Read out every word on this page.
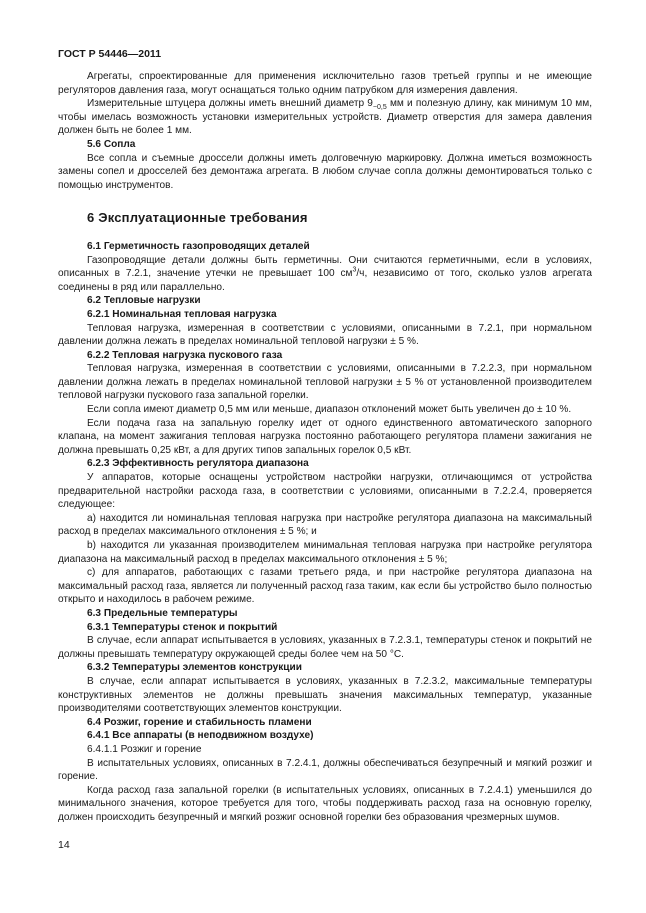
ГОСТ Р 54446—2011

Агрегаты, спроектированные для применения исключительно газов третьей группы и не имеющие регуляторов давления газа, могут оснащаться только одним патрубком для измерения давления.

Измерительные штуцера должны иметь внешний диаметр $9_{-0,5}$ мм и полезную длину, как минимум 10 мм, чтобы имелась возможность установки измерительных устройств. Диаметр отверстия для замера давления должен быть не более 1 мм.

5.6 Сопла

Все сопла и съемные дроссели должны иметь долговечную маркировку. Должна иметься возможность замены сопел и дросселей без демонтажа агрегата. В любом случае сопла должны демонтироваться только с помощью инструментов.

6 Эксплуатационные требования

6.1 Герметичность газопроводящих деталей

Газопроводящие детали должны быть герметичны. Они считаются герметичными, если в условиях, описанных в 7.2.1, значение утечки не превышает 100 $см^3/ч$, независимо от того, сколько узлов агрегата соединены в ряд или параллельно.

6.2 Тепловые нагрузки

6.2.1 Номинальная тепловая нагрузка

Тепловая нагрузка, измеренная в соответствии с условиями, описанными в 7.2.1, при нормальном давлении должна лежать в пределах номинальной тепловой нагрузки ± 5 %.

6.2.2 Тепловая нагрузка пускового газа

Тепловая нагрузка, измеренная в соответствии с условиями, описанными в 7.2.2.3, при нормальном давлении должна лежать в пределах номинальной тепловой нагрузки ± 5 % от установленной производителем тепловой нагрузки пускового газа запальной горелки.

Если сопла имеют диаметр 0,5 мм или меньше, диапазон отклонений может быть увеличен до ± 10 %.

Если подача газа на запальную горелку идет от одного единственного автоматического запорного клапана, на момент зажигания тепловая нагрузка постоянно работающего регулятора пламени зажигания не должна превышать 0,25 кВт, а для других типов запальных горелок 0,5 кВт.

6.2.3 Эффективность регулятора диапазона

У аппаратов, которые оснащены устройством настройки нагрузки, отличающимся от устройства предварительной настройки расхода газа, в соответствии с условиями, описанными в 7.2.2.4, проверяется следующее:

а) находится ли номинальная тепловая нагрузка при настройке регулятора диапазона на максимальный расход в пределах максимального отклонения ± 5 %; и

b) находится ли указанная производителем минимальная тепловая нагрузка при настройке регулятора диапазона на максимальный расход в пределах максимального отклонения ± 5 %;

с) для аппаратов, работающих с газами третьего ряда, и при настройке регулятора диапазона на максимальный расход газа, является ли полученный расход газа таким, как если бы устройство было полностью открыто и находилось в рабочем режиме.

6.3 Предельные температуры

6.3.1 Температуры стенок и покрытий

В случае, если аппарат испытывается в условиях, указанных в 7.2.3.1, температуры стенок и покрытий не должны превышать температуру окружающей среды более чем на 50 °С.

6.3.2 Температуры элементов конструкции

В случае, если аппарат испытывается в условиях, указанных в 7.2.3.2, максимальные температуры конструктивных элементов не должны превышать значения максимальных температур, указанные производителями соответствующих элементов конструкции.

6.4 Розжиг, горение и стабильность пламени

6.4.1 Все аппараты (в неподвижном воздухе)

6.4.1.1 Розжиг и горение

В испытательных условиях, описанных в 7.2.4.1, должны обеспечиваться безупречный и мягкий розжиг и горение.

Когда расход газа запальной горелки (в испытательных условиях, описанных в 7.2.4.1) уменьшился до минимального значения, которое требуется для того, чтобы поддерживать расход газа на основную горелку, должен происходить безупречный и мягкий розжиг основной горелки без образования чрезмерных шумов.

14
